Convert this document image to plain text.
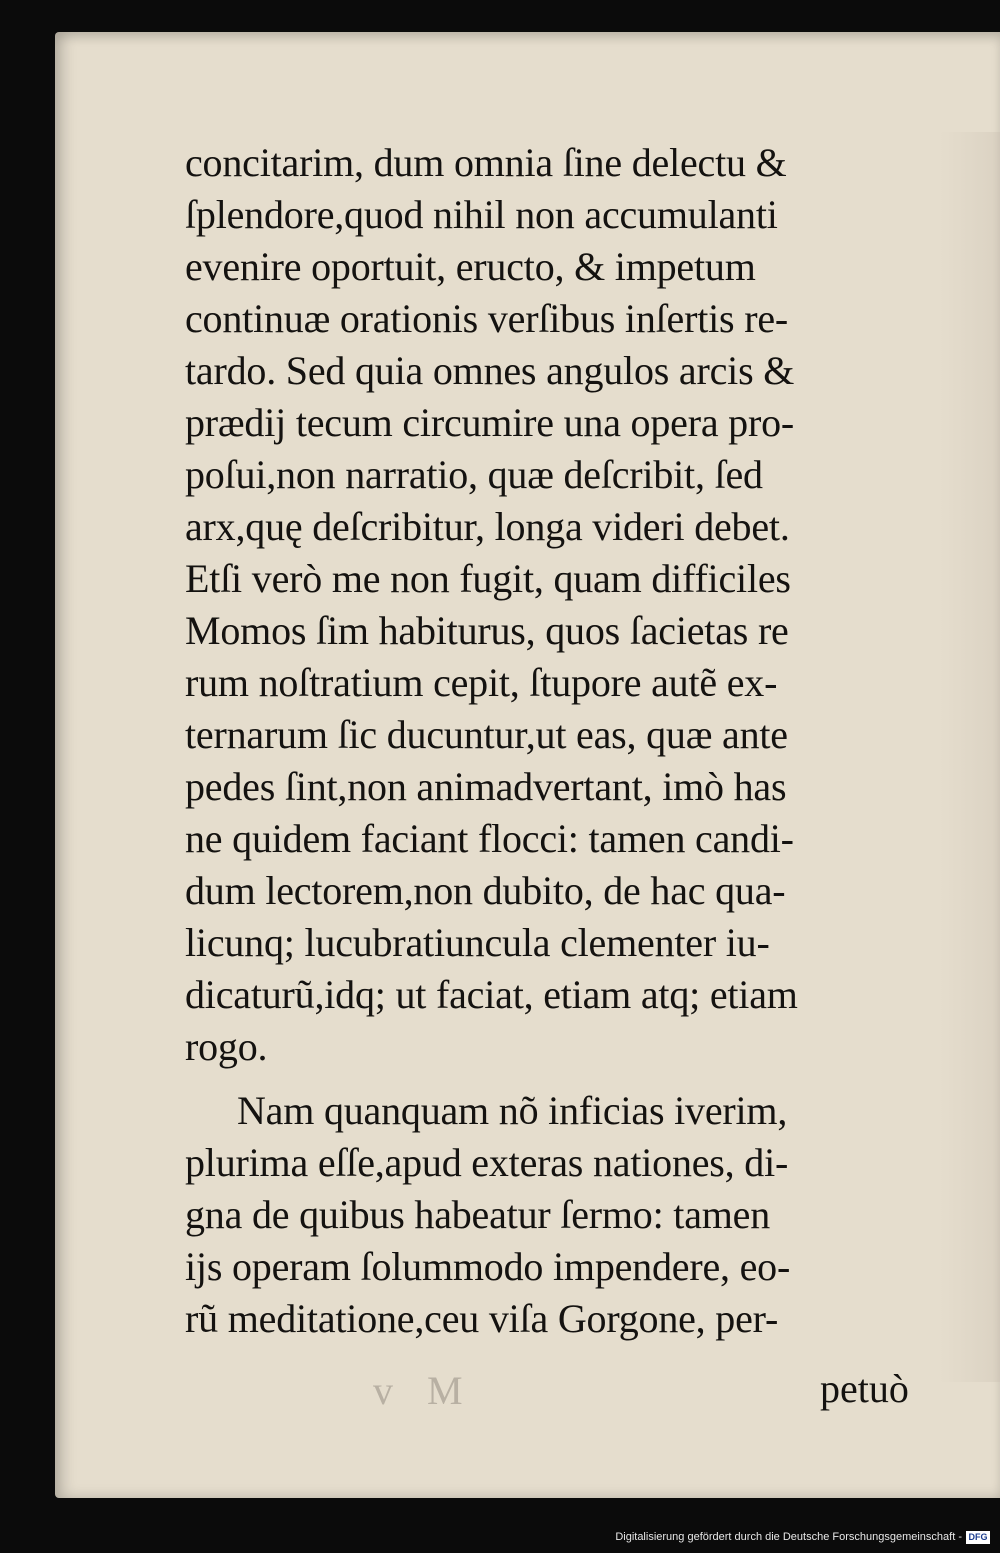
concitarim, dum omnia ſine delectu &
ſplendore,quod nihil non accumulanti
evenire oportuit, eructo, & impetum
continuæ orationis verſibus inſertis re-
tardo. Sed quia omnes angulos arcis &
prædij tecum circumire una opera pro-
poſui,non narratio, quæ deſcribit, ſed
arx,quę deſcribitur, longa videri debet.
Etſi verò me non fugit, quam difficiles
Momos ſim habiturus, quos ſacietas re
rum noſtratium cepit, ſtupore autẽ ex-
ternarum ſic ducuntur,ut eas, quæ ante
pedes ſint,non animadvertant, imò has
ne quidem faciant flocci: tamen candi-
dum lectorem,non dubito, de hac qua-
licunq; lucubratiuncula clementer iu-
dicaturũ,idq; ut faciat, etiam atq; etiam
rogo.
Nam quanquam nõ inficias iverim,
plurima eſſe,apud exteras nationes, di-
gna de quibus habeatur ſermo: tamen
ijs operam ſolummodo impendere, eo-
rũ meditatione,ceu viſa Gorgone, per-
v M	petuò
Digitalisierung gefördert durch die Deutsche Forschungsgemeinschaft - DFG
